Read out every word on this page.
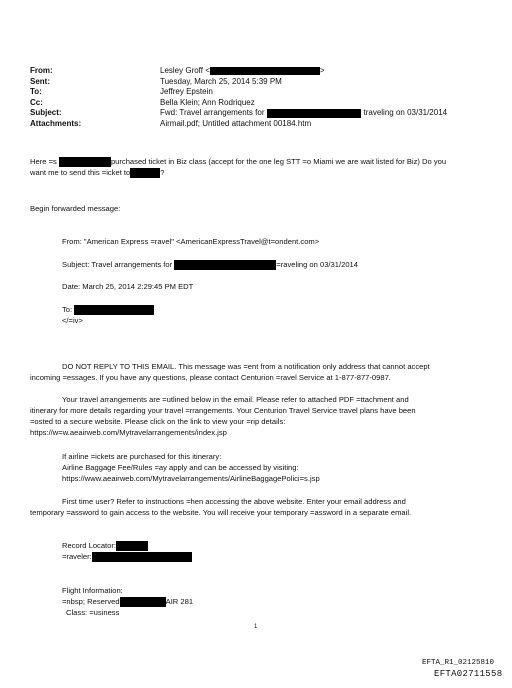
From:	Lesley Groff <	>
Sent:	Tuesday, March 25, 2014 5:39 PM
To:	Jeffrey Epstein
Cc:	Bella Klein; Ann Rodriquez
Subject:	Fwd: Travel arrangements for	traveling on 03/31/2014
Attachments:	Airmail.pdf; Untitled attachment 00184.htm
Here =s	purchased ticket in Biz class (accept for the one leg STT =o Miami we are wait listed for Biz) Do you
want me to send this =icket to	?
Begin forwarded message:
From: "American Express =ravel" <AmericanExpressTravel@t=ondent.com>
Subject: Travel arrangements for	=raveling on 03/31/2014
Date: March 25, 2014 2:29:45 PM EDT
To:
</=iv>
DO NOT REPLY TO THIS EMAIL. This message was =ent from a notification only address that cannot accept
incoming =essages. If you have any questions, please contact Centurion =ravel Service at 1-877-877-0987.
Your travel arrangements are =utlined below in the email. Please refer to attached PDF =ttachment and
itinerary for more details regarding your travel =rrangements. Your Centurion Travel Service travel plans have been
=osted to a secure website. Please click on the link to view your =rip details:
https://w=w.aeairweb.com/Mytravelarrangements/index.jsp
If airline =ickets are purchased for this itinerary:
Airline Baggage Fee/Rules =ay apply and can be accessed by visiting:
https://www.aeairweb.com/Mytravelarrangements/AirlineBaggagePolici=s.jsp
First time user? Refer to instructions =hen accessing the above website. Enter your email address and
temporary =assword to gain access to the website. You will receive your temporary =assword in a separate email.
Record Locator:
=raveler:
Flight Information:
=nbsp; Reserved	AIR 281
Class: =usiness
1
EFTA_R1_02125810
EFTA02711558
